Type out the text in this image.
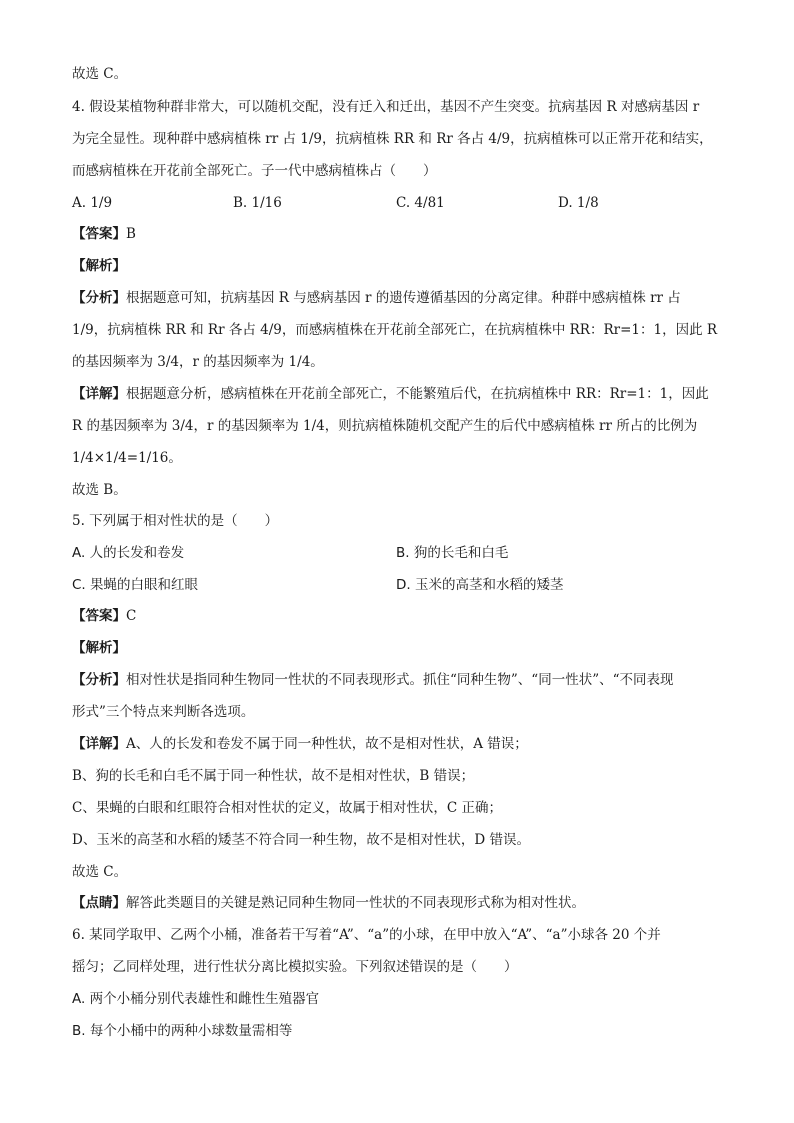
故选 C。
4. 假设某植物种群非常大，可以随机交配，没有迁入和迁出，基因不产生突变。抗病基因 R 对感病基因 r
为完全显性。现种群中感病植株 rr 占 1/9，抗病植株 RR 和 Rr 各占 4/9，抗病植株可以正常开花和结实，
而感病植株在开花前全部死亡。子一代中感病植株占（　　）
A. 1/9	B. 1/16	C. 4/81	D. 1/8
【答案】B
【解析】
【分析】根据题意可知，抗病基因 R 与感病基因 r 的遗传遵循基因的分离定律。种群中感病植株 rr 占
1/9，抗病植株 RR 和 Rr 各占 4/9，而感病植株在开花前全部死亡，在抗病植株中 RR：Rr=1：1，因此 R
的基因频率为 3/4，r 的基因频率为 1/4。
【详解】根据题意分析，感病植株在开花前全部死亡，不能繁殖后代，在抗病植株中 RR：Rr=1：1，因此
R 的基因频率为 3/4，r 的基因频率为 1/4，则抗病植株随机交配产生的后代中感病植株 rr 所占的比例为
1/4×1/4=1/16。
故选 B。
5. 下列属于相对性状的是（　　）
A. 人的长发和卷发	B. 狗的长毛和白毛
C. 果蝇的白眼和红眼	D. 玉米的高茎和水稻的矮茎
【答案】C
【解析】
【分析】相对性状是指同种生物同一性状的不同表现形式。抓住“同种生物”、“同一性状”、“不同表现
形式”三个特点来判断各选项。
【详解】A、人的长发和卷发不属于同一种性状，故不是相对性状，A 错误；
B、狗的长毛和白毛不属于同一种性状，故不是相对性状，B 错误；
C、果蝇的白眼和红眼符合相对性状的定义，故属于相对性状，C 正确；
D、玉米的高茎和水稻的矮茎不符合同一种生物，故不是相对性状，D 错误。
故选 C。
【点睛】解答此类题目的关键是熟记同种生物同一性状的不同表现形式称为相对性状。
6. 某同学取甲、乙两个小桶，准备若干写着“A”、“a”的小球，在甲中放入“A”、“a”小球各 20 个并
摇匀；乙同样处理，进行性状分离比模拟实验。下列叙述错误的是（　　）
A. 两个小桶分别代表雄性和雌性生殖器官
B. 每个小桶中的两种小球数量需相等
